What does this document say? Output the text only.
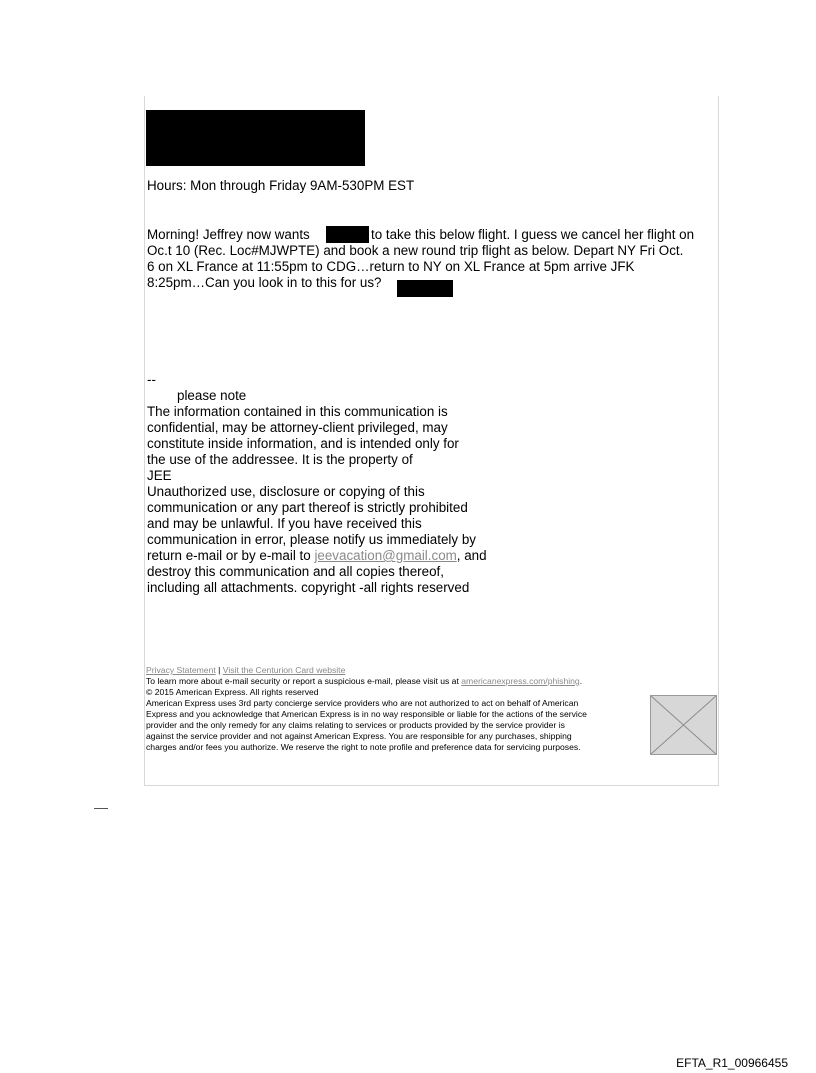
Hours: Mon through Friday 9AM-530PM EST
Morning! Jeffrey now wants	to take this below flight. I guess we cancel her flight on
Oc.t 10 (Rec. Loc#MJWPTE) and book a new round trip flight as below. Depart NY Fri Oct.
6 on XL France at 11:55pm to CDG…return to NY on XL France at 5pm arrive JFK
8:25pm…Can you look in to this for us?
--
please note
The information contained in this communication is
confidential, may be attorney-client privileged, may
constitute inside information, and is intended only for
the use of the addressee. It is the property of
JEE
Unauthorized use, disclosure or copying of this
communication or any part thereof is strictly prohibited
and may be unlawful. If you have received this
communication in error, please notify us immediately by
return e-mail or by e-mail to jeevacation@gmail.com, and
destroy this communication and all copies thereof,
including all attachments. copyright -all rights reserved
Privacy Statement | Visit the Centurion Card website
To learn more about e-mail security or report a suspicious e-mail, please visit us at americanexpress.com/phishing.
© 2015 American Express. All rights reserved
American Express uses 3rd party concierge service providers who are not authorized to act on behalf of American
Express and you acknowledge that American Express is in no way responsible or liable for the actions of the service
provider and the only remedy for any claims relating to services or products provided by the service provider is
against the service provider and not against American Express. You are responsible for any purchases, shipping
charges and/or fees you authorize. We reserve the right to note profile and preference data for servicing purposes.
EFTA_R1_00966455
